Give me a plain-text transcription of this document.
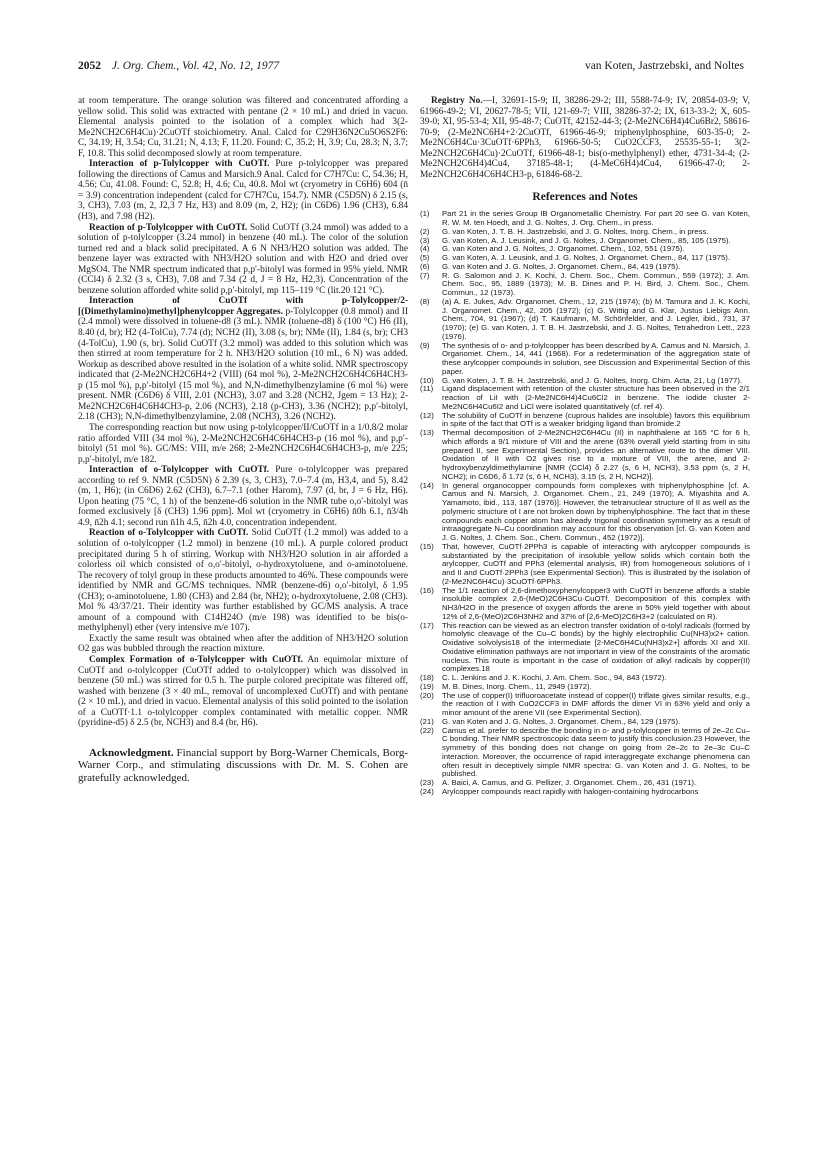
2052 J. Org. Chem., Vol. 42, No. 12, 1977	van Koten, Jastrzebski, and Noltes

at room temperature. The orange solution was filtered and concentrated affording a yellow solid. This solid was extracted with pentane (2 × 10 mL) and dried in vacuo. Elemental analysis pointed to the isolation of a complex which had 3(2-Me2NCH2C6H4Cu)·2CuOTf stoichiometry. Anal. Calcd for C29H36N2Cu5O6S2F6: C, 34.19; H, 3.54; Cu, 31.21; N, 4.13; F, 11.20. Found: C, 35.2; H, 3.9; Cu, 28.3; N, 3.7; F, 10.8. This solid decomposed slowly at room temperature.

Interaction of p-Tolylcopper with CuOTf. Pure p-tolylcopper was prepared following the directions of Camus and Marsich.9 Anal. Calcd for C7H7Cu: C, 54.36; H, 4.56; Cu, 41.08. Found: C, 52.8; H, 4.6; Cu, 40.8. Mol wt (cryometry in C6H6) 604 (n̄ = 3.9) concentration independent (calcd for C7H7Cu, 154.7). NMR (C5D5N) δ 2.15 (s, 3, CH3), 7.03 (m, 2, J2,3 7 Hz, H3) and 8.09 (m, 2, H2); (in C6D6) 1.96 (CH3), 6.84 (H3), and 7.98 (H2).

Reaction of p-Tolylcopper with CuOTf. Solid CuOTf (3.24 mmol) was added to a solution of p-tolylcopper (3.24 mmol) in benzene (40 mL). The color of the solution turned red and a black solid precipitated. A 6 N NH3/H2O solution was added. The benzene layer was extracted with NH3/H2O solution and with H2O and dried over MgSO4. The NMR spectrum indicated that p,p′-bitolyl was formed in 95% yield. NMR (CCl4) δ 2.32 (3 s, CH3), 7.08 and 7.34 (2 d, J = 8 Hz, H2,3). Concentration of the benzene solution afforded white solid p,p′-bitolyl, mp 115–119 °C (lit.20 121 °C).

Interaction of CuOTf with p-Tolylcopper/2-[(Dimethylamino)methyl]phenylcopper Aggregates. p-Tolylcopper (0.8 mmol) and II (2.4 mmol) were dissolved in toluene-d8 (3 mL). NMR (toluene-d8) δ (100 °C) H6 (II), 8.40 (d, br); H2 (4-TolCu), 7.74 (d); NCH2 (II), 3.08 (s, br); NMe (II), 1.84 (s, br); CH3 (4-TolCu), 1.90 (s, br). Solid CuOTf (3.2 mmol) was added to this solution which was then stirred at room temperature for 2 h. NH3/H2O solution (10 mL, 6 N) was added. Workup as described above resulted in the isolation of a white solid. NMR spectroscopy indicated that (2-Me2NCH2C6H4+2 (VIII) (64 mol %), 2-Me2NCH2C6H4C6H4CH3-p (15 mol %), p,p′-bitolyl (15 mol %), and N,N-dimethylbenzylamine (6 mol %) were present. NMR (C6D6) δ VIII, 2.01 (NCH3), 3.07 and 3.28 (NCH2, Jgem = 13 Hz); 2-Me2NCH2C6H4C6H4CH3-p, 2.06 (NCH3), 2.18 (p-CH3), 3.36 (NCH2); p,p′-bitolyl, 2.18 (CH3); N,N-dimethylbenzylamine, 2.08 (NCH3), 3.26 (NCH2).

The corresponding reaction but now using p-tolylcopper/II/CuOTf in a 1/0.8/2 molar ratio afforded VIII (34 mol %), 2-Me2NCH2C6H4C6H4CH3-p (16 mol %), and p,p′-bitolyl (51 mol %). GC/MS: VIII, m/e 268; 2-Me2NCH2C6H4C6H4CH3-p, m/e 225; p,p′-bitolyl, m/e 182.

Interaction of o-Tolylcopper with CuOTf. Pure o-tolylcopper was prepared according to ref 9. NMR (C5D5N) δ 2.39 (s, 3, CH3), 7.0–7.4 (m, H3,4, and 5), 8.42 (m, 1, H6); (in C6D6) 2.62 (CH3), 6.7–7.1 (other Harom), 7.97 (d, br, J = 6 Hz, H6). Upon heating (75 °C, 1 h) of the benzene-d6 solution in the NMR tube o,o′-bitolyl was formed exclusively [δ (CH3) 1.96 ppm]. Mol wt (cryometry in C6H6) n̄0h 6.1, n̄3/4h 4.9, n̄2h 4.1; second run n̄1h 4.5, n̄2h 4.0, concentration independent.

Reaction of o-Tolylcopper with CuOTf. Solid CuOTf (1.2 mmol) was added to a solution of o-tolylcopper (1.2 mmol) in benzene (10 mL). A purple colored product precipitated during 5 h of stirring. Workup with NH3/H2O solution in air afforded a colorless oil which consisted of o,o′-bitolyl, o-hydroxytoluene, and o-aminotoluene. The recovery of tolyl group in these products amounted to 46%. These compounds were identified by NMR and GC/MS techniques. NMR (benzene-d6) o,o′-bitolyl, δ 1.95 (CH3); o-aminotoluene, 1.80 (CH3) and 2.84 (br, NH2); o-hydroxytoluene, 2.08 (CH3). Mol % 43/37/21. Their identity was further established by GC/MS analysis. A trace amount of a compound with C14H24O (m/e 198) was identified to be bis(o-methylphenyl) ether (very intensive m/e 107).

Exactly the same result was obtained when after the addition of NH3/H2O solution O2 gas was bubbled through the reaction mixture.

Complex Formation of o-Tolylcopper with CuOTf. An equimolar mixture of CuOTf and o-tolylcopper (CuOTf added to o-tolylcopper) which was dissolved in benzene (50 mL) was stirred for 0.5 h. The purple colored precipitate was filtered off, washed with benzene (3 × 40 mL, removal of uncomplexed CuOTf) and with pentane (2 × 10 mL), and dried in vacuo. Elemental analysis of this solid pointed to the isolation of a CuOTf·1.1 o-tolylcopper complex contaminated with metallic copper. NMR (pyridine-d5) δ 2.5 (br, NCH3) and 8.4 (br, H6).

Acknowledgment. Financial support by Borg-Warner Chemicals, Borg-Warner Corp., and stimulating discussions with Dr. M. S. Cohen are gratefully acknowledged.

Registry No.—I, 32691-15-9; II, 38286-29-2; III, 5588-74-9; IV, 20854-03-9; V, 61966-49-2; VI, 20627-78-5; VII, 121-69-7; VIII, 38286-37-2; IX, 613-33-2; X, 605-39-0; XI, 95-53-4; XII, 95-48-7; CuOTf, 42152-44-3; (2-Me2NC6H4)4Cu6Br2, 58616-70-9; (2-Me2NC6H4+2·2CuOTf, 61966-46-9; triphenylphosphine, 603-35-0; 2-Me2NC6H4Cu·3CuOTf·6PPh3, 61966-50-5; CuO2CCF3, 25535-55-1; 3(2-Me2NCH2C6H4Cu)·2CuOTf, 61966-48-1; bis(o-methylphenyl) ether, 4731-34-4; (2-Me2NCH2C6H4)4Cu4, 37185-48-1; (4-MeC6H4)4Cu4, 61966-47-0; 2-Me2NCH2C6H4C6H4CH3-p, 61846-68-2.

References and Notes
(1)	Part 21 in the series Group IB Organometallic Chemistry. For part 20 see G. van Koten, R. W. M. ten Hoedt, and J. G. Noltes, J. Org. Chem., in press.
(2)	G. van Koten, J. T. B. H. Jastrzebski, and J. G. Noltes, Inorg. Chem., in press.
(3)	G. van Koten, A. J. Leusink, and J. G. Noltes, J. Organomet. Chem., 85, 105 (1975).
(4)	G. van Koten and J. G. Noltes, J. Organomet. Chem., 102, 551 (1975).
(5)	G. van Koten, A. J. Leusink, and J. G. Noltes, J. Organomet. Chem., 84, 117 (1975).
(6)	G. van Koten and J. G. Noltes, J. Organomet. Chem., 84, 419 (1975).
(7)	R. G. Salomon and J. K. Kochi, J. Chem. Soc., Chem. Commun., 559 (1972); J. Am. Chem. Soc., 95, 1889 (1973); M. B. Dines and P. H. Bird, J. Chem. Soc., Chem. Commun., 12 (1973).
(8)	(a) A. E. Jukes, Adv. Organomet. Chem., 12, 215 (1974); (b) M. Tamura and J. K. Kochi, J. Organomet. Chem., 42, 205 (1972); (c) G. Wittig and G. Klar, Justus Liebigs Ann. Chem., 704, 91 (1967); (d) T. Kaufmann, M. Schönfelder, and J. Legler, ibid., 731, 37 (1970); (e) G. van Koten, J. T. B. H. Jastrzebski, and J. G. Noltes, Tetrahedron Lett., 223 (1976).
(9)	The synthesis of o- and p-tolylcopper has been described by A. Camus and N. Marsich, J. Organomet. Chem., 14, 441 (1968). For a redetermination of the aggregation state of these arylcopper compounds in solution, see Discussion and Experimental Section of this paper.
(10)	G. van Koten, J. T. B. H. Jastrzebski, and J. G. Noltes, Inorg. Chim. Acta, 21, Lg (1977).
(11)	Ligand displacement with retention of the cluster structure has been observed in the 2/1 reaction of LiI with (2-Me2NC6H4)4Cu6Cl2 in benzene. The iodide cluster 2-Me2NC6H4Cu6I2 and LiCl were isolated quantitatively (cf. ref 4).
(12)	The solubility of CuOTf in benzene (cuprous halides are insoluble) favors this equilibrium in spite of the fact that OTf is a weaker bridging ligand than bromide.2
(13)	Thermal decomposition of 2-Me2NCH2C6H4Cu (II) in naphthalene at 165 °C for 6 h, which affords a 9/1 mixture of VIII and the arene (63% overall yield starting from in situ prepared II, see Experimental Section), provides an alternative route to the dimer VIII. Oxidation of II with O2 gives rise to a mixture of VIII, the arene, and 2-hydroxybenzyldimethylamine [NMR (CCl4) δ 2.27 (s, 6 H, NCH3), 3.53 ppm (s, 2 H, NCH2); in C6D6, δ 1.72 (s, 6 H, NCH3), 3.15 (s, 2 H, NCH2)].
(14)	In general organocopper compounds form complexes with triphenylphosphine [cf. A. Camus and N. Marsich, J. Organomet. Chem., 21, 249 (1970); A. Miyashita and A. Yamamoto, ibid., 113, 187 (1976)]. However, the tetranuclear structure of II as well as the polymeric structure of I are not broken down by triphenylphosphine. The fact that in these compounds each copper atom has already trigonal coordination symmetry as a result of intraaggregate N–Cu coordination may account for this observation [cf. G. van Koten and J. G. Noltes, J. Chem. Soc., Chem. Commun., 452 (1972)].
(15)	That, however, CuOTf·2PPh3 is capable of interacting with arylcopper compounds is substantiated by the precipitation of insoluble yellow solids which contain both the arylcopper, CuOTf and PPh3 (elemental analysis, IR) from homogeneous solutions of I and II and CuOTf·2PPh3 (see Experimental Section). This is illustrated by the isolation of (2-Me2NC6H4Cu)·3CuOTf·6PPh3.
(16)	The 1/1 reaction of 2,6-dimethoxyphenylcopper3 with CuOTf in benzene affords a stable insoluble complex 2,6-(MeO)2C6H3Cu·CuOTf. Decomposition of this complex with NH3/H2O in the presence of oxygen affords the arene in 50% yield together with about 12% of 2,6-(MeO)2C6H3NH2 and 37% of [2,6-MeO)2C6H3+2 (calculated on R).
(17)	This reaction can be viewed as an electron transfer oxidation of o-tolyl radicals (formed by homolytic cleavage of the Cu–C bonds) by the highly electrophilic Cu(NH3)x2+ cation. Oxidative solvolysis18 of the intermediate [2-MeC6H4Cu(NH3)x2+] affords XI and XII. Oxidative elimination pathways are not important in view of the constraints of the aromatic nucleus. This route is important in the case of oxidation of alkyl radicals by copper(II) complexes.18
(18)	C. L. Jenkins and J. K. Kochi, J. Am. Chem. Soc., 94, 843 (1972).
(19)	M. B. Dines, Inorg. Chem., 11, 2949 (1972).
(20)	The use of copper(I) trifluoroacetate instead of copper(I) triflate gives similar results, e.g., the reaction of I with CuO2CCF3 in DMF affords the dimer VI in 63% yield and only a minor amount of the arene VII (see Experimental Section).
(21)	G. van Koten and J. G. Noltes, J. Organomet. Chem., 84, 129 (1975).
(22)	Camus et al. prefer to describe the bonding in o- and p-tolylcopper in terms of 2e–2c Cu–C bonding. Their NMR spectroscopic data seem to justify this conclusion.23 However, the symmetry of this bonding does not change on going from 2e–2c to 2e–3c Cu–C interaction. Moreover, the occurrence of rapid interaggregate exchange phenomena can often result in deceptively simple NMR spectra: G. van Koten and J. G. Noltes, to be published.
(23)	A. Baici, A. Camus, and G. Pellizer, J. Organomet. Chem., 26, 431 (1971).
(24)	Arylcopper compounds react rapidly with halogen-containing hydrocarbons
